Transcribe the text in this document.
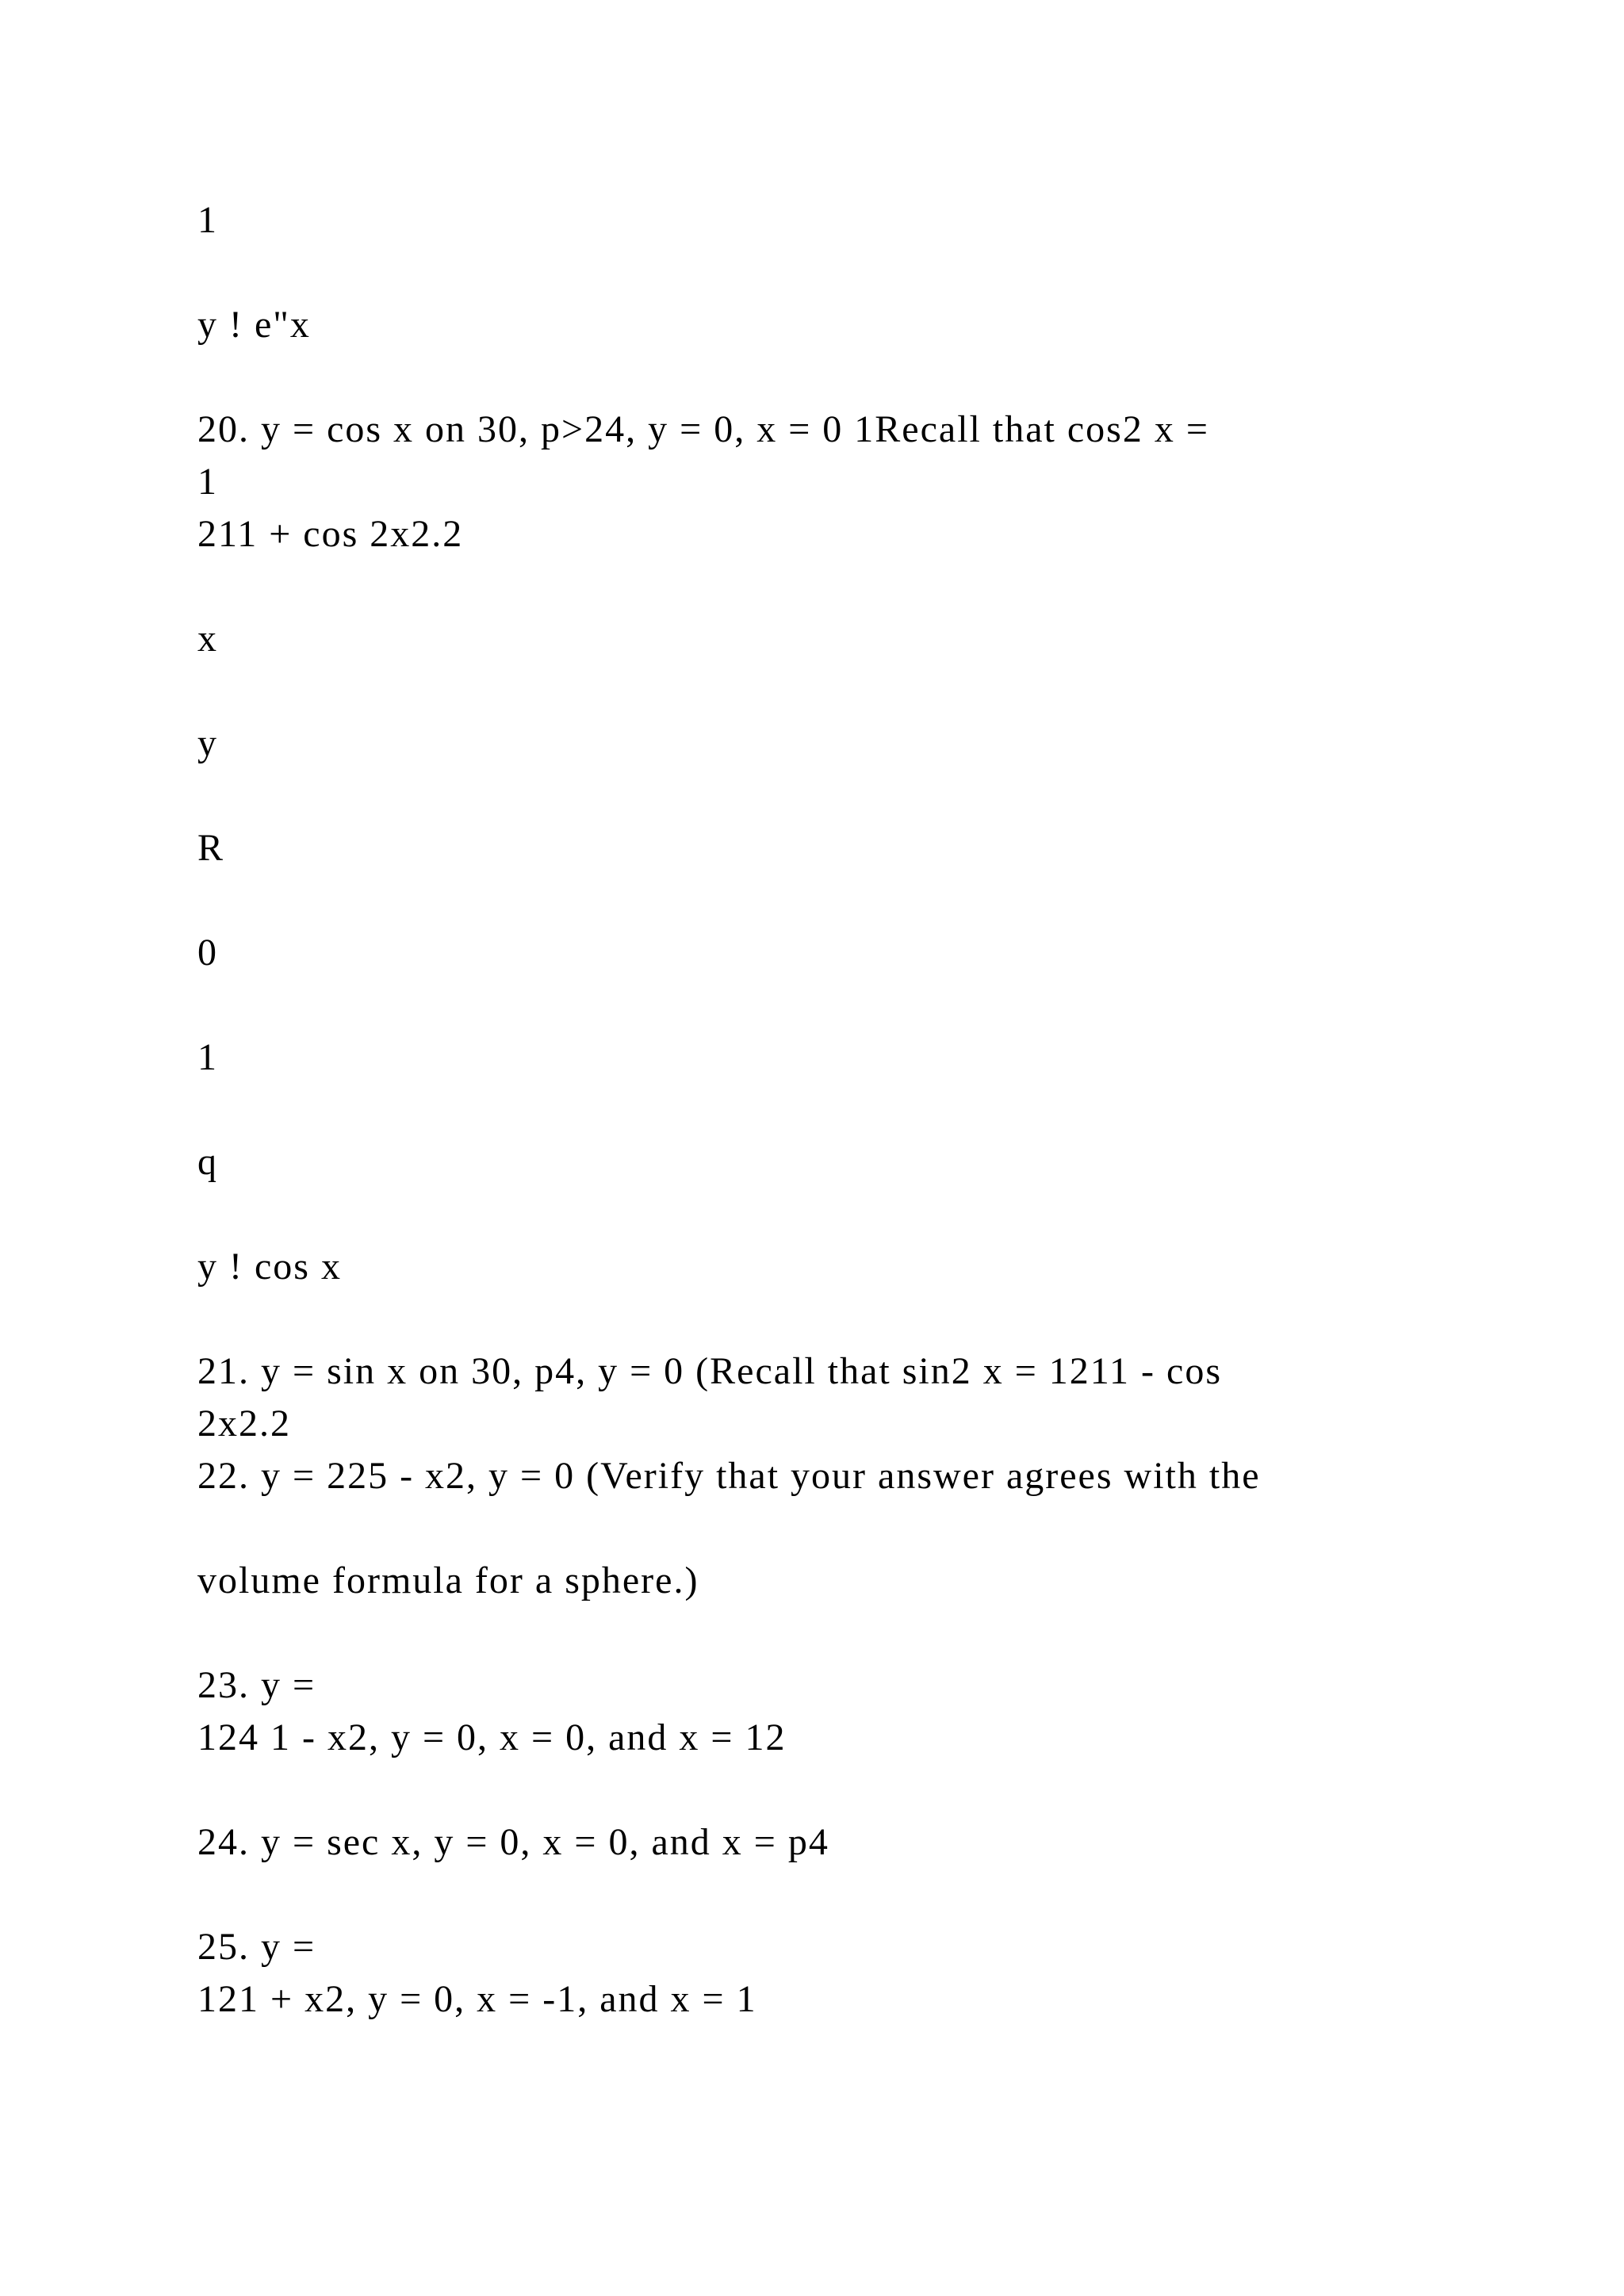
1
y ! e"x
20. y = cos x on 30, p>24, y = 0, x = 0 1Recall that cos2 x =
1
211 + cos 2x2.2
x
y
R
0
1
q
y ! cos x
21. y = sin x on 30, p4, y = 0 (Recall that sin2 x = 1211 - cos
2x2.2
22. y = 225 - x2, y = 0 (Verify that your answer agrees with the
volume formula for a sphere.)
23. y =
124 1 - x2, y = 0, x = 0, and x = 12
24. y = sec x, y = 0, x = 0, and x = p4
25. y =
121 + x2, y = 0, x = -1, and x = 1
